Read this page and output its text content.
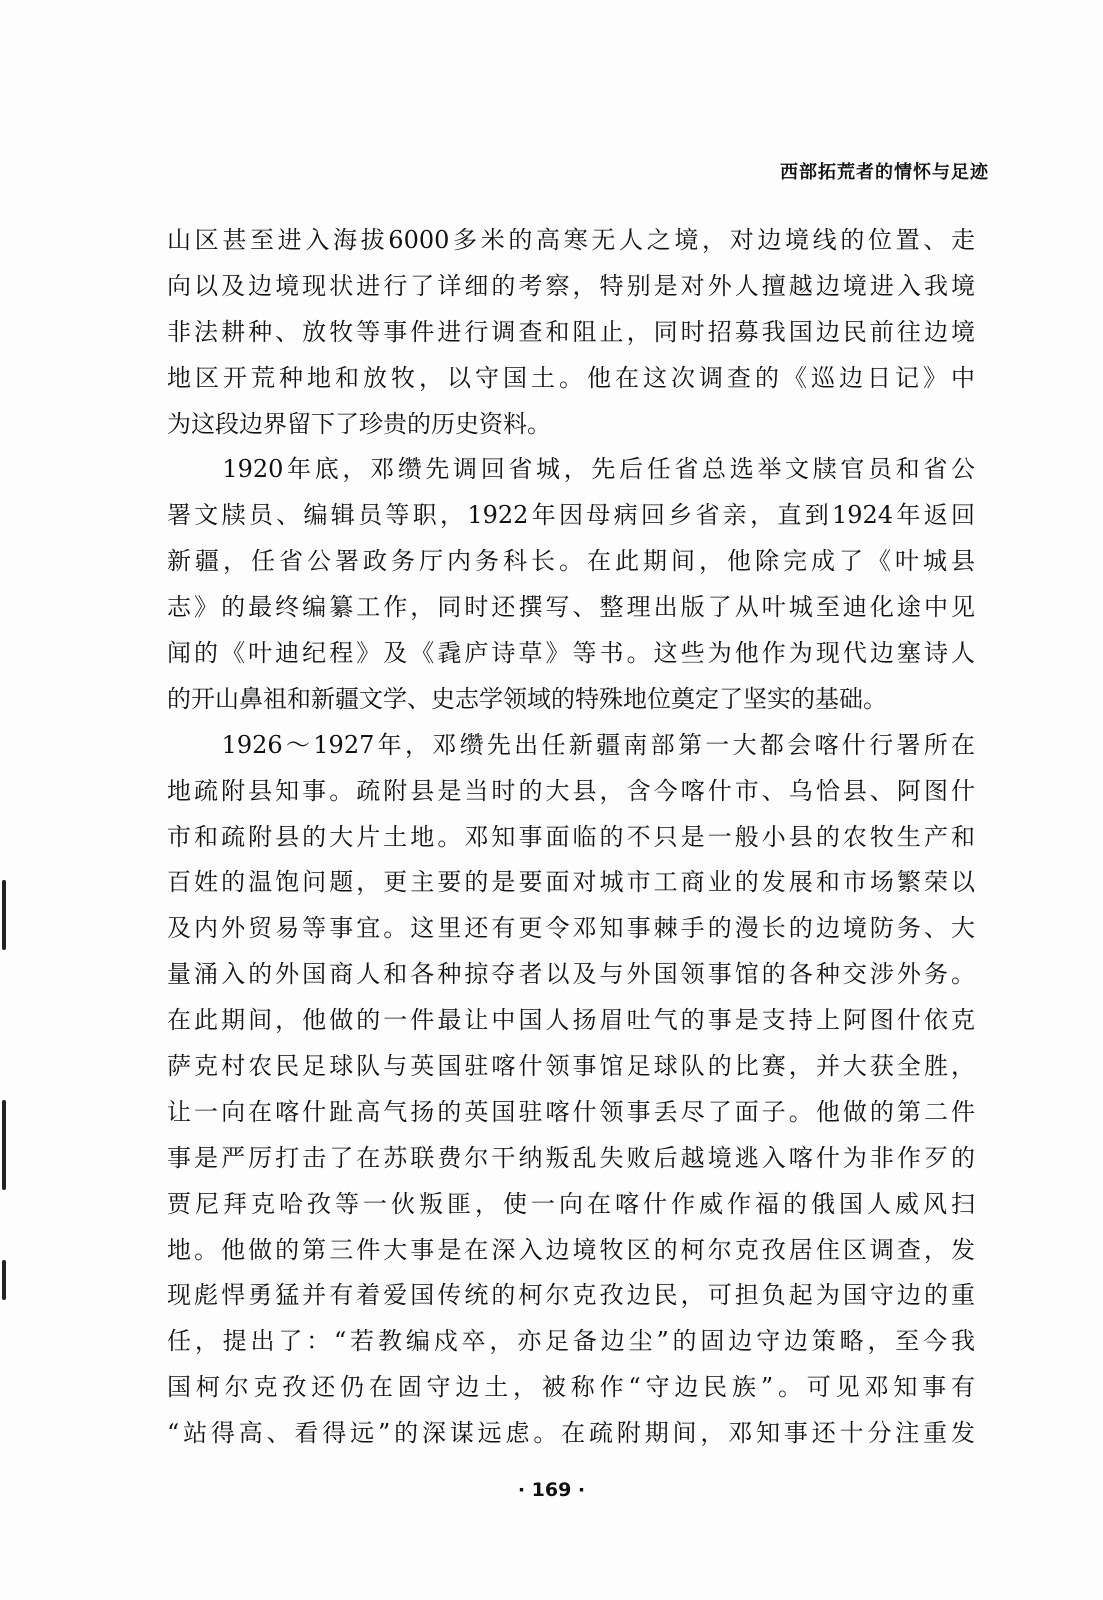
西部拓荒者的情怀与足迹
山区甚至进入海拔6000多米的高寒无人之境，对边境线的位置、走
向以及边境现状进行了详细的考察，特别是对外人擅越边境进入我境
非法耕种、放牧等事件进行调查和阻止，同时招募我国边民前往边境
地区开荒种地和放牧，以守国土。他在这次调查的《巡边日记》中
为这段边界留下了珍贵的历史资料。
　　1920年底，邓缵先调回省城，先后任省总选举文牍官员和省公
署文牍员、编辑员等职，1922年因母病回乡省亲，直到1924年返回
新疆，任省公署政务厅内务科长。在此期间，他除完成了《叶城县
志》的最终编纂工作，同时还撰写、整理出版了从叶城至迪化途中见
闻的《叶迪纪程》及《毳庐诗草》等书。这些为他作为现代边塞诗人
的开山鼻祖和新疆文学、史志学领域的特殊地位奠定了坚实的基础。
　　1926～1927年，邓缵先出任新疆南部第一大都会喀什行署所在
地疏附县知事。疏附县是当时的大县，含今喀什市、乌恰县、阿图什
市和疏附县的大片土地。邓知事面临的不只是一般小县的农牧生产和
百姓的温饱问题，更主要的是要面对城市工商业的发展和市场繁荣以
及内外贸易等事宜。这里还有更令邓知事棘手的漫长的边境防务、大
量涌入的外国商人和各种掠夺者以及与外国领事馆的各种交涉外务。
在此期间，他做的一件最让中国人扬眉吐气的事是支持上阿图什依克
萨克村农民足球队与英国驻喀什领事馆足球队的比赛，并大获全胜，
让一向在喀什趾高气扬的英国驻喀什领事丢尽了面子。他做的第二件
事是严厉打击了在苏联费尔干纳叛乱失败后越境逃入喀什为非作歹的
贾尼拜克哈孜等一伙叛匪，使一向在喀什作威作福的俄国人威风扫
地。他做的第三件大事是在深入边境牧区的柯尔克孜居住区调查，发
现彪悍勇猛并有着爱国传统的柯尔克孜边民，可担负起为国守边的重
任，提出了：“若教编戍卒，亦足备边尘”的固边守边策略，至今我
国柯尔克孜还仍在固守边土，被称作“守边民族”。可见邓知事有
“站得高、看得远”的深谋远虑。在疏附期间，邓知事还十分注重发
· 169 ·
